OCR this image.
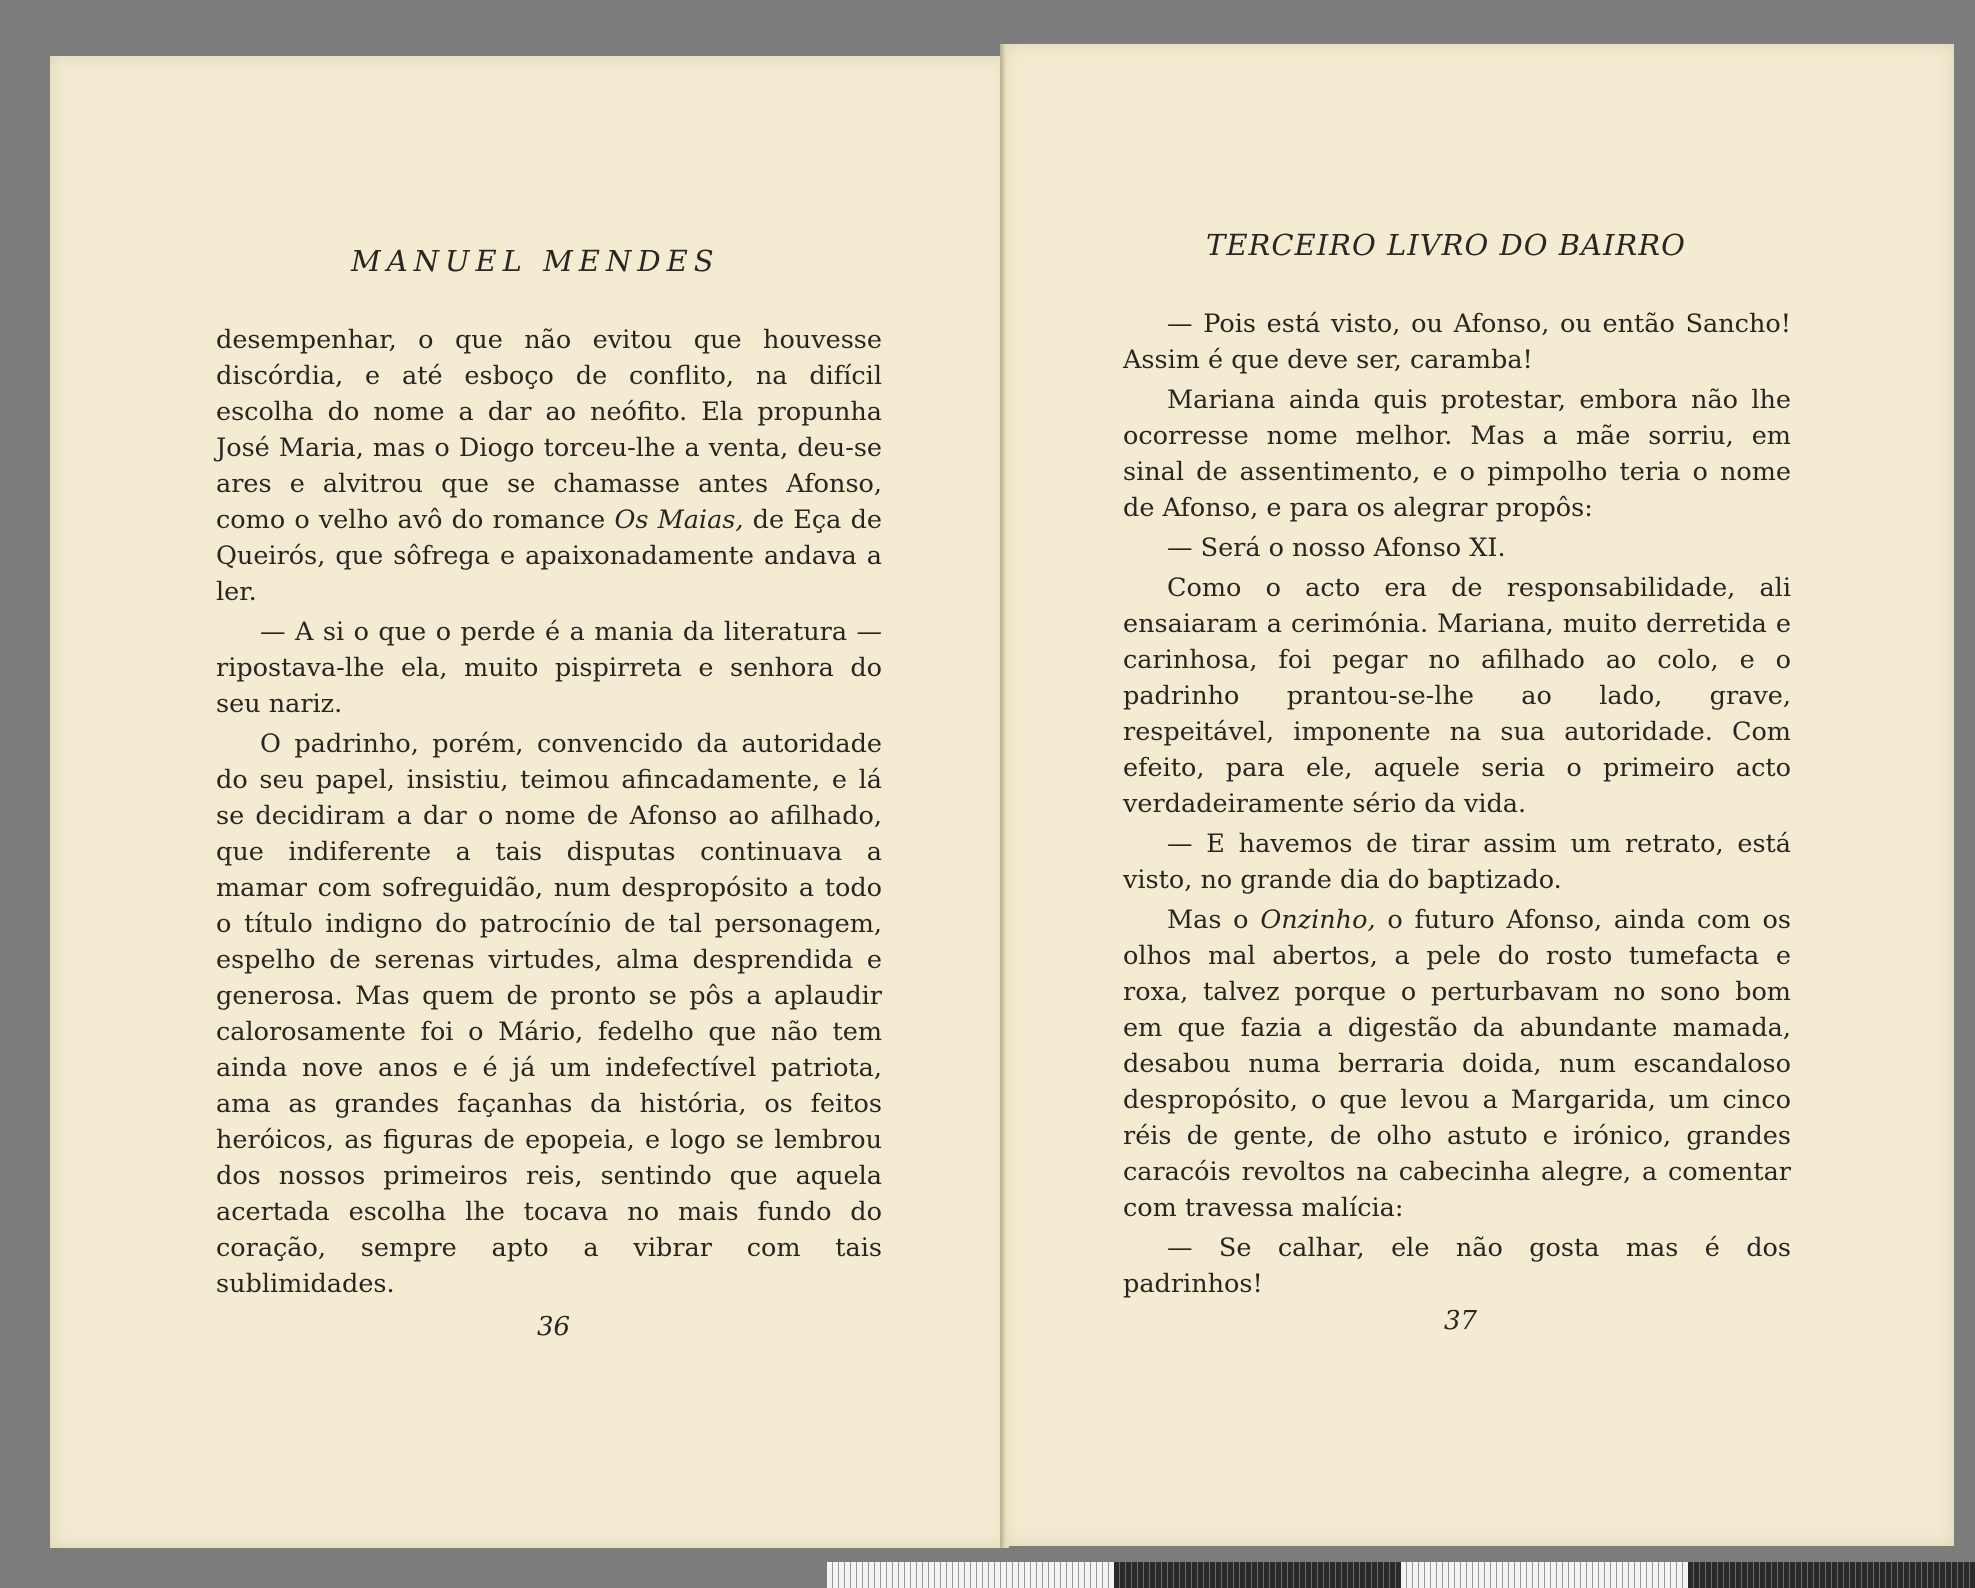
MANUEL MENDES	TERCEIRO LIVRO DO BAIRRO

desempenhar, o que não evitou que houvesse discórdia, e até esboço de conflito, na difícil escolha do nome a dar ao neófito. Ela propunha José Maria, mas o Diogo torceu-lhe a venta, deu-se ares e alvitrou que se chamasse antes Afonso, como o velho avô do romance Os Maias, de Eça de Queirós, que sôfrega e apaixonadamente andava a ler.

— A si o que o perde é a mania da literatura — ripostava-lhe ela, muito pispirreta e senhora do seu nariz.

O padrinho, porém, convencido da autoridade do seu papel, insistiu, teimou afincadamente, e lá se decidiram a dar o nome de Afonso ao afilhado, que indiferente a tais disputas continuava a mamar com sofreguidão, num despropósito a todo o título indigno do patrocínio de tal personagem, espelho de serenas virtudes, alma desprendida e generosa. Mas quem de pronto se pôs a aplaudir calorosamente foi o Mário, fedelho que não tem ainda nove anos e é já um indefectível patriota, ama as grandes façanhas da história, os feitos heróicos, as figuras de epopeia, e logo se lembrou dos nossos primeiros reis, sentindo que aquela acertada escolha lhe tocava no mais fundo do coração, sempre apto a vibrar com tais sublimidades.

— Pois está visto, ou Afonso, ou então Sancho! Assim é que deve ser, caramba!

Mariana ainda quis protestar, embora não lhe ocorresse nome melhor. Mas a mãe sorriu, em sinal de assentimento, e o pimpolho teria o nome de Afonso, e para os alegrar propôs:

— Será o nosso Afonso XI.

Como o acto era de responsabilidade, ali ensaiaram a cerimónia. Mariana, muito derretida e carinhosa, foi pegar no afilhado ao colo, e o padrinho prantou-se-lhe ao lado, grave, respeitável, imponente na sua autoridade. Com efeito, para ele, aquele seria o primeiro acto verdadeiramente sério da vida.

— E havemos de tirar assim um retrato, está visto, no grande dia do baptizado.

Mas o Onzinho, o futuro Afonso, ainda com os olhos mal abertos, a pele do rosto tumefacta e roxa, talvez porque o perturbavam no sono bom em que fazia a digestão da abundante mamada, desabou numa berraria doida, num escandaloso despropósito, o que levou a Margarida, um cinco réis de gente, de olho astuto e irónico, grandes caracóis revoltos na cabecinha alegre, a comentar com travessa malícia:

— Se calhar, ele não gosta mas é dos padrinhos!

36	37
